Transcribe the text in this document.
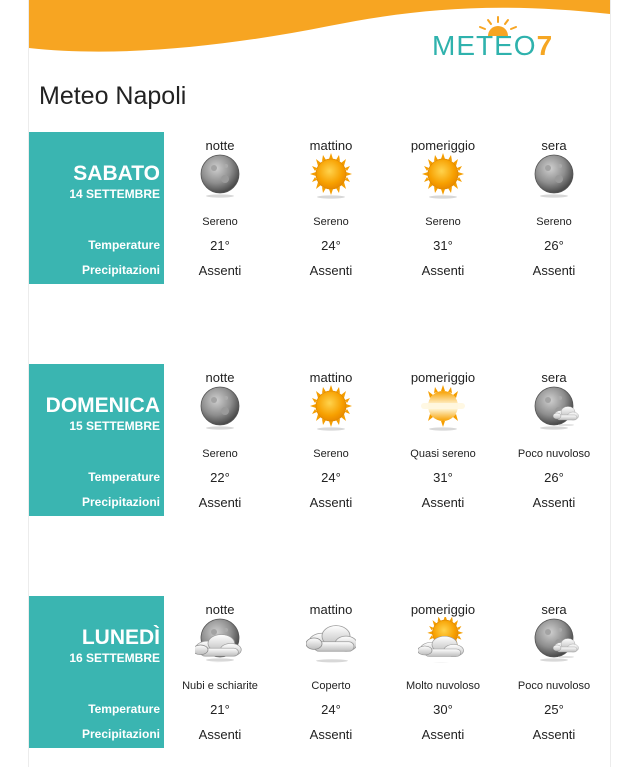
METEO7
Meteo Napoli
SABATO
14 SETTEMBRE
Temperature
Precipitazioni
notte
Sereno
21°
Assenti
mattino
Sereno
24°
Assenti
pomeriggio
Sereno
31°
Assenti
sera
Sereno
26°
Assenti
DOMENICA
15 SETTEMBRE
Temperature
Precipitazioni
notte
Sereno
22°
Assenti
mattino
Sereno
24°
Assenti
pomeriggio
Quasi sereno
31°
Assenti
sera
Poco nuvoloso
26°
Assenti
LUNEDÌ
16 SETTEMBRE
Temperature
Precipitazioni
notte
Nubi e schiarite
21°
Assenti
mattino
Coperto
24°
Assenti
pomeriggio
Molto nuvoloso
30°
Assenti
sera
Poco nuvoloso
25°
Assenti
